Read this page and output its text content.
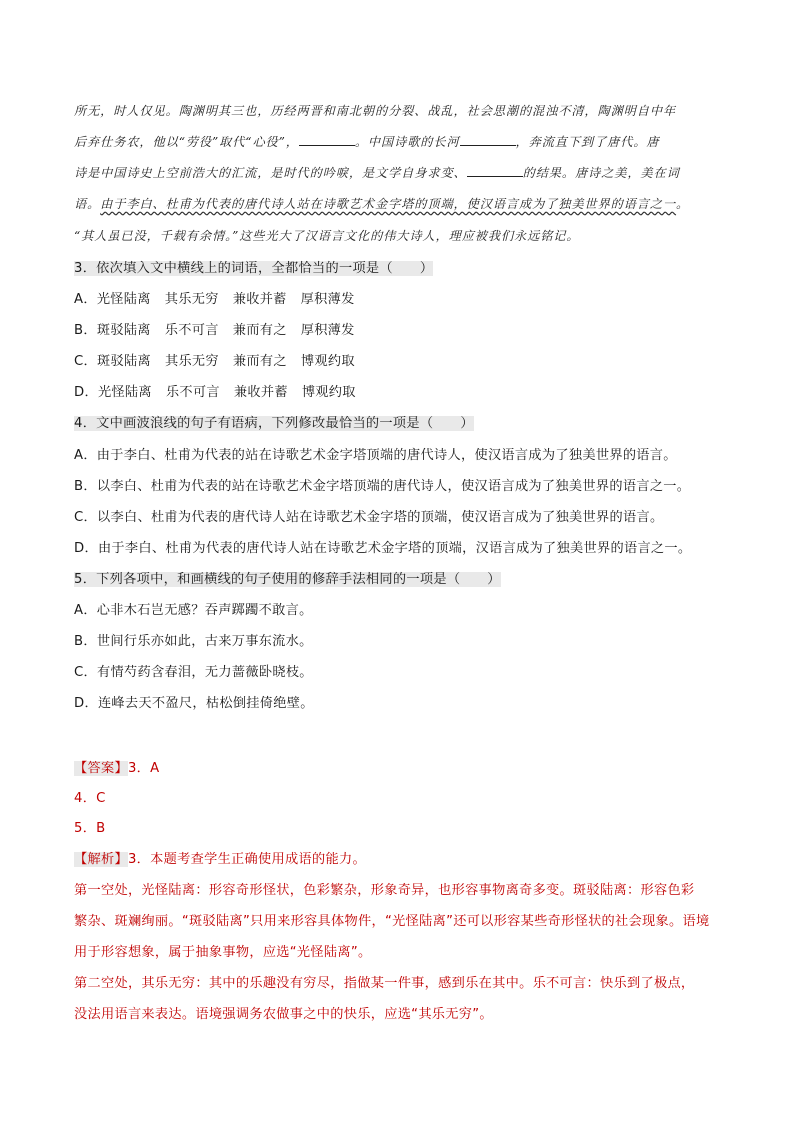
所无，时人仅见。陶渊明其三也，历经两晋和南北朝的分裂、战乱，社会思潮的混浊不清，陶渊明自中年
后弃仕务农，他以“劳役”取代“心役”，	。中国诗歌的长河	，奔流直下到了唐代。唐
诗是中国诗史上空前浩大的汇流，是时代的吟唳，是文学自身求变、	的结果。唐诗之美，美在词
语。由于李白、杜甫为代表的唐代诗人站在诗歌艺术金字塔的顶端，使汉语言成为了独美世界的语言之一。
“其人虽已没，千载有余情。”这些光大了汉语言文化的伟大诗人，理应被我们永远铭记。
3．依次填入文中横线上的词语，全都恰当的一项是（　　）
A．光怪陆离 其乐无穷 兼收并蓄 厚积薄发
B．斑驳陆离 乐不可言 兼而有之 厚积薄发
C．斑驳陆离 其乐无穷 兼而有之 博观约取
D．光怪陆离 乐不可言 兼收并蓄 博观约取
4．文中画波浪线的句子有语病，下列修改最恰当的一项是（　　）
A．由于李白、杜甫为代表的站在诗歌艺术金字塔顶端的唐代诗人，使汉语言成为了独美世界的语言。
B．以李白、杜甫为代表的站在诗歌艺术金字塔顶端的唐代诗人，使汉语言成为了独美世界的语言之一。
C．以李白、杜甫为代表的唐代诗人站在诗歌艺术金字塔的顶端，使汉语言成为了独美世界的语言。
D．由于李白、杜甫为代表的唐代诗人站在诗歌艺术金字塔的顶端，汉语言成为了独美世界的语言之一。
5．下列各项中，和画横线的句子使用的修辞手法相同的一项是（　　）
A．心非木石岂无感？吞声踯躅不敢言。
B．世间行乐亦如此，古来万事东流水。
C．有情芍药含春泪，无力蔷薇卧晓枝。
D．连峰去天不盈尺，枯松倒挂倚绝壁。
【答案】3．A
4．C
5．B
【解析】3．本题考查学生正确使用成语的能力。
第一空处，光怪陆离：形容奇形怪状，色彩繁杂，形象奇异，也形容事物离奇多变。斑驳陆离：形容色彩
繁杂、斑斓绚丽。“斑驳陆离”只用来形容具体物件，“光怪陆离”还可以形容某些奇形怪状的社会现象。语境
用于形容想象，属于抽象事物，应选“光怪陆离”。
第二空处，其乐无穷：其中的乐趣没有穷尽，指做某一件事，感到乐在其中。乐不可言：快乐到了极点，
没法用语言来表达。语境强调务农做事之中的快乐，应选“其乐无穷”。
